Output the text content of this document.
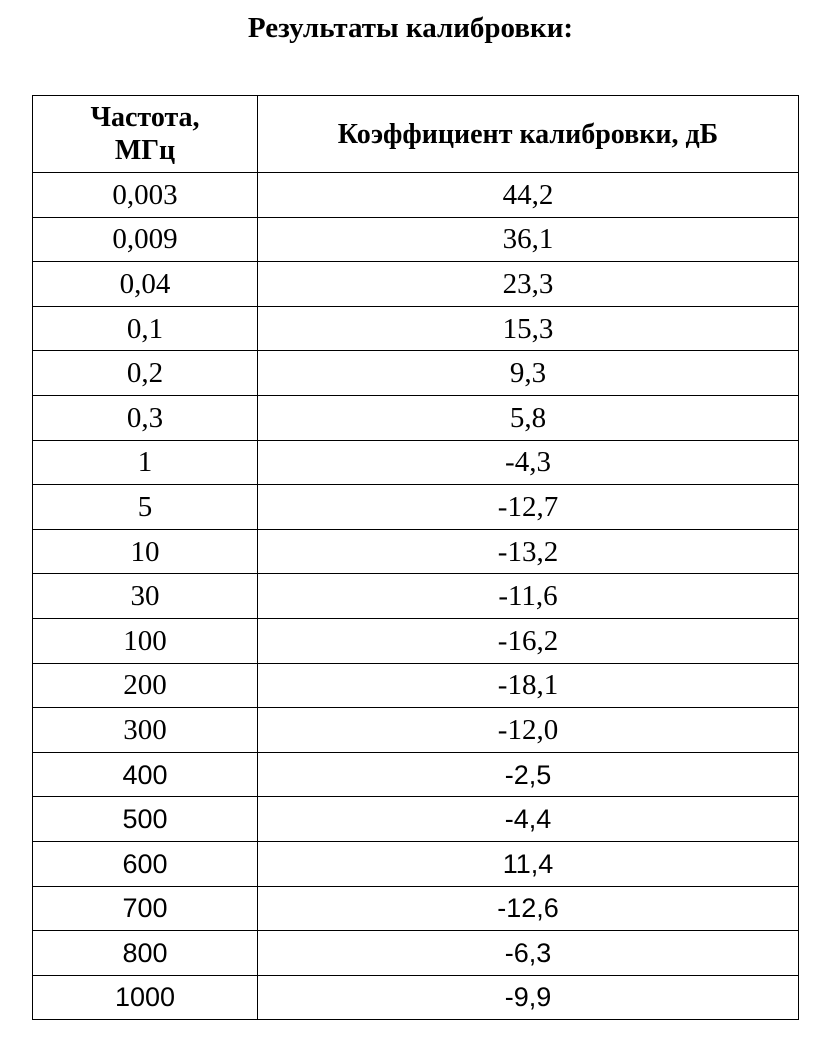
Результаты калибровки:
Частота,
МГц	Коэффициент калибровки, дБ
0,003	44,2
0,009	36,1
0,04	23,3
0,1	15,3
0,2	9,3
0,3	5,8
1	-4,3
5	-12,7
10	-13,2
30	-11,6
100	-16,2
200	-18,1
300	-12,0
400	-2,5
500	-4,4
600	11,4
700	-12,6
800	-6,3
1000	-9,9
